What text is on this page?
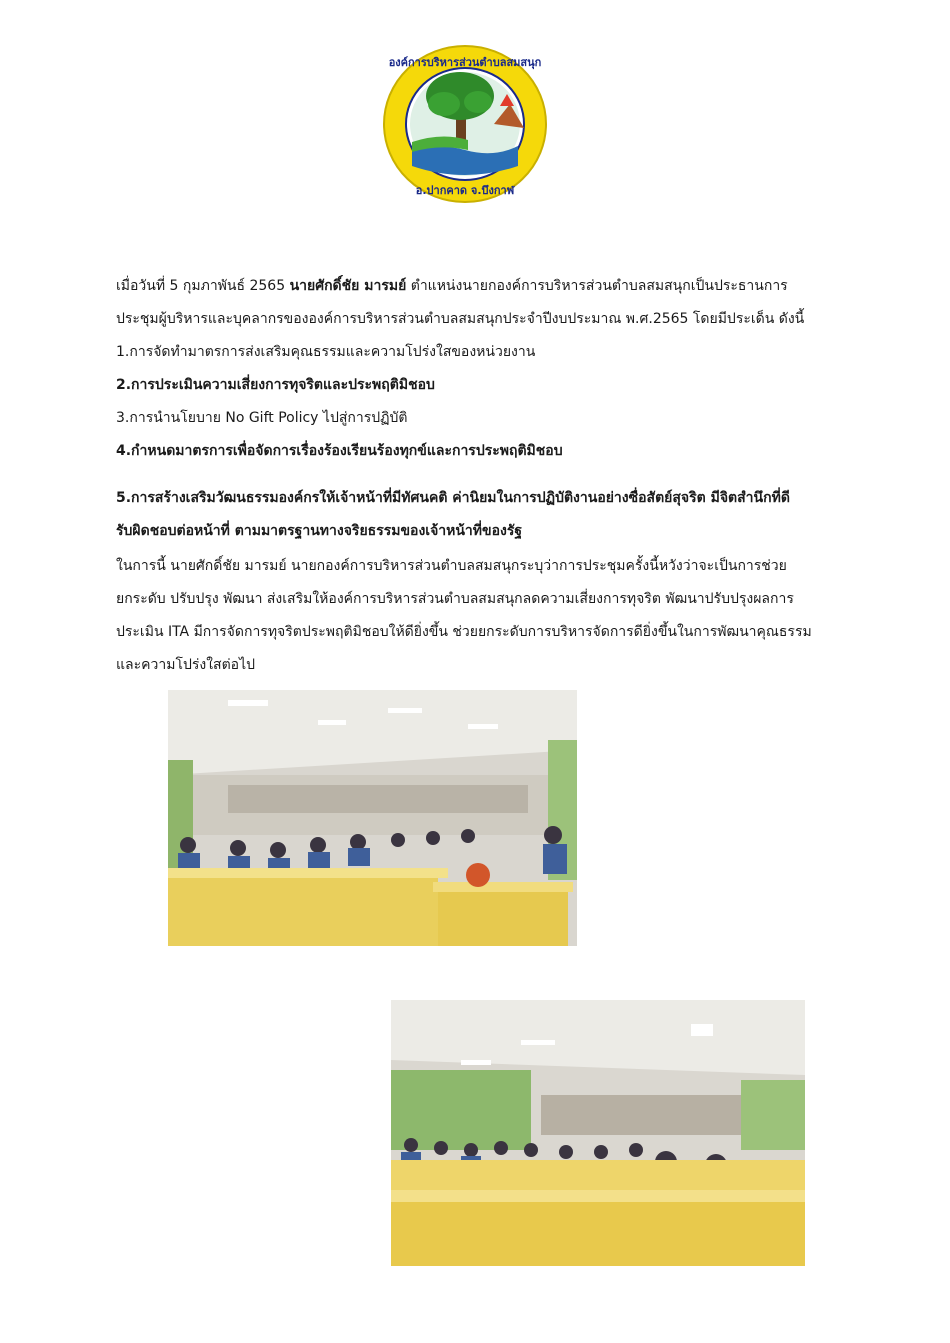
องค์การบริหารส่วนตำบลสมสนุก
อ.ปากคาด จ.บึงกาฬ
เมื่อวันที่ 5 กุมภาพันธ์ 2565 นายศักดิ์ชัย มารมย์ ตำแหน่งนายกองค์การบริหารส่วนตำบลสมสนุกเป็นประธานการ
ประชุมผู้บริหารและบุคลากรขององค์การบริหารส่วนตำบลสมสนุกประจำปีงบประมาณ พ.ศ.2565 โดยมีประเด็น ดังนี้
1.การจัดทำมาตรการส่งเสริมคุณธรรมและความโปร่งใสของหน่วยงาน
2.การประเมินความเสี่ยงการทุจริตและประพฤติมิชอบ
3.การนำนโยบาย No Gift Policy ไปสู่การปฏิบัติ
4.กำหนดมาตรการเพื่อจัดการเรื่องร้องเรียนร้องทุกข์และการประพฤติมิชอบ
5.การสร้างเสริมวัฒนธรรมองค์กรให้เจ้าหน้าที่มีทัศนคติ ค่านิยมในการปฏิบัติงานอย่างซื่อสัตย์สุจริต มีจิตสำนึกที่ดี
รับผิดชอบต่อหน้าที่ ตามมาตรฐานทางจริยธรรมของเจ้าหน้าที่ของรัฐ
ในการนี้ นายศักดิ์ชัย มารมย์ นายกองค์การบริหารส่วนตำบลสมสนุกระบุว่าการประชุมครั้งนี้หวังว่าจะเป็นการช่วย
ยกระดับ ปรับปรุง พัฒนา ส่งเสริมให้องค์การบริหารส่วนตำบลสมสนุกลดความเสี่ยงการทุจริต พัฒนาปรับปรุงผลการ
ประเมิน ITA มีการจัดการทุจริตประพฤติมิชอบให้ดียิ่งขึ้น ช่วยยกระดับการบริหารจัดการดียิ่งขึ้นในการพัฒนาคุณธรรม
และความโปร่งใสต่อไป
